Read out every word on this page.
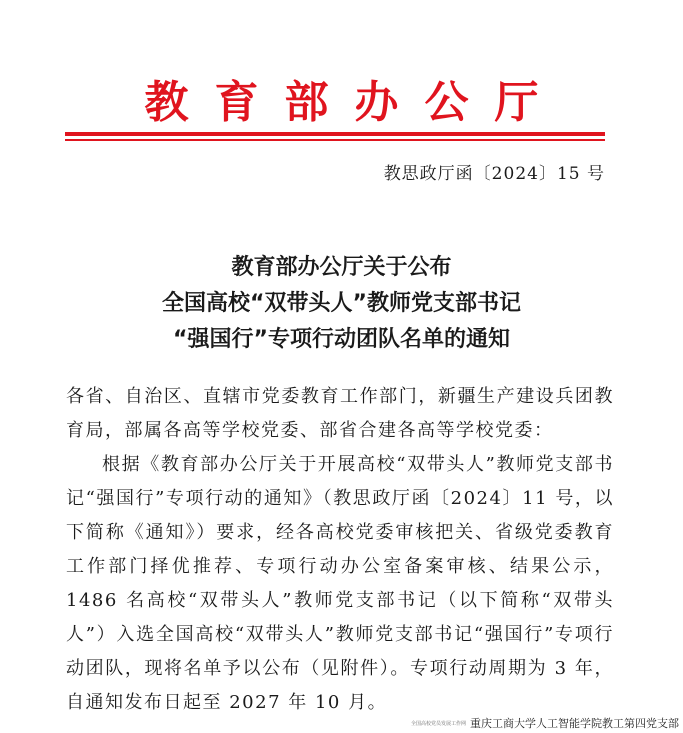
教育部办公厅
教思政厅函〔2024〕15 号
教育部办公厅关于公布
全国高校“双带头人”教师党支部书记
“强国行”专项行动团队名单的通知

各省、自治区、直辖市党委教育工作部门，新疆生产建设兵团教育局，部属各高等学校党委、部省合建各高等学校党委：

根据《教育部办公厅关于开展高校“双带头人”教师党支部书记“强国行”专项行动的通知》（教思政厅函〔2024〕11 号，以下简称《通知》）要求，经各高校党委审核把关、省级党委教育工作部门择优推荐、专项行动办公室备案审核、结果公示，1486 名高校“双带头人”教师党支部书记（以下简称“双带头人”）入选全国高校“双带头人”教师党支部书记“强国行”专项行动团队，现将名单予以公布（见附件）。专项行动周期为 3 年，自通知发布日起至 2027 年 10 月。

全国高校党员发展工作网 重庆工商大学人工智能学院教工第四党支部
